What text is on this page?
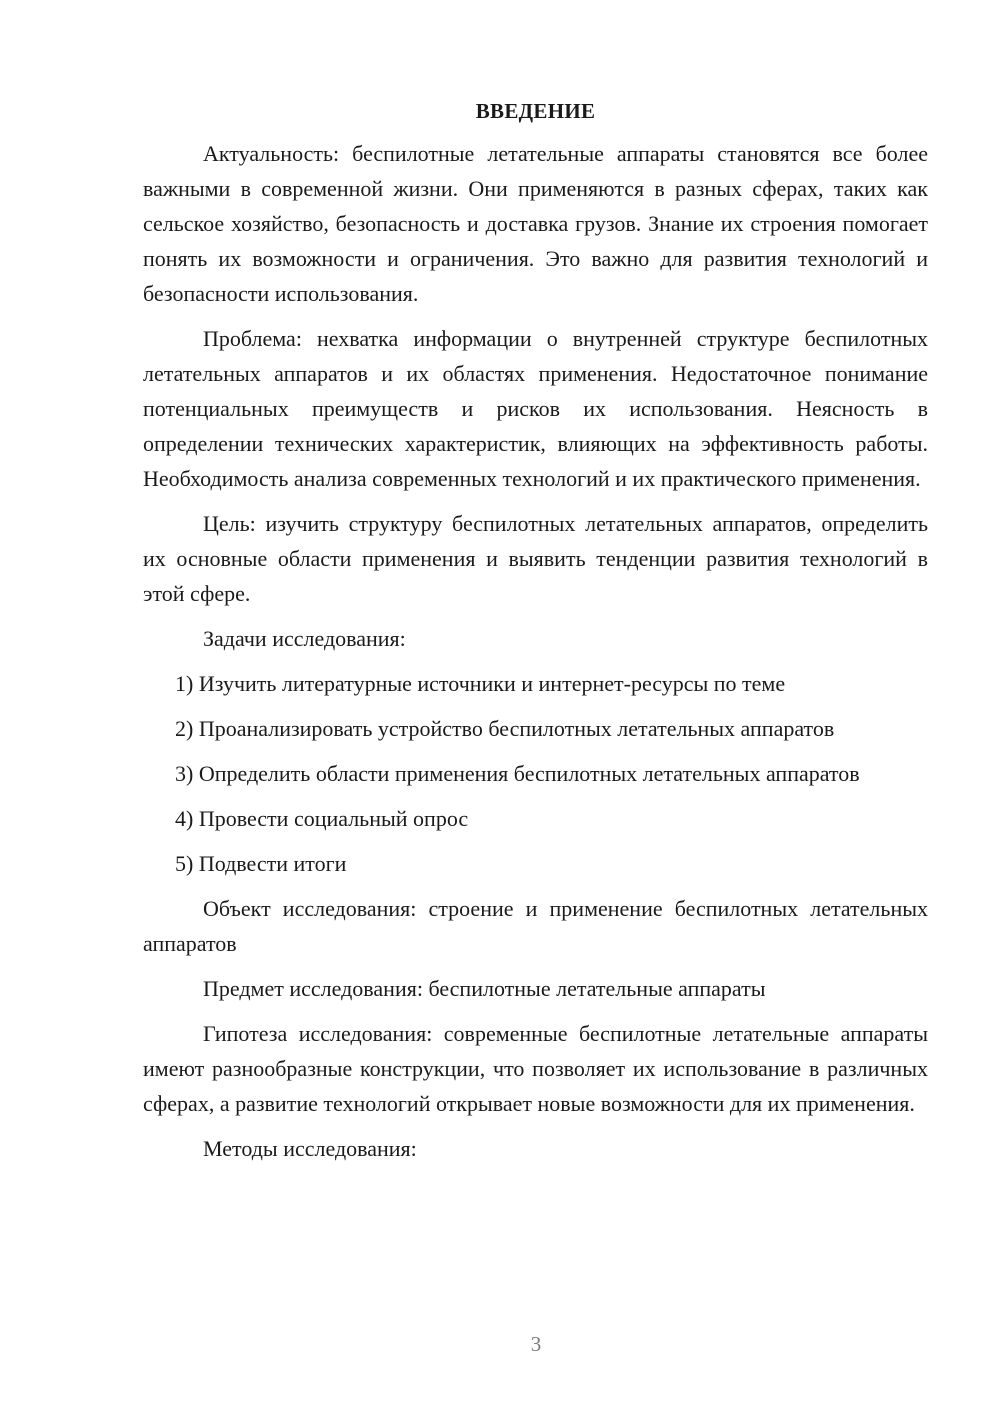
ВВЕДЕНИЕ

Актуальность: беспилотные летательные аппараты становятся все более важными в современной жизни. Они применяются в разных сферах, таких как сельское хозяйство, безопасность и доставка грузов. Знание их строения помогает понять их возможности и ограничения. Это важно для развития технологий и безопасности использования.

Проблема: нехватка информации о внутренней структуре беспилотных летательных аппаратов и их областях применения. Недостаточное понимание потенциальных преимуществ и рисков их использования. Неясность в определении технических характеристик, влияющих на эффективность работы. Необходимость анализа современных технологий и их практического применения.

Цель: изучить структуру беспилотных летательных аппаратов, определить их основные области применения и выявить тенденции развития технологий в этой сфере.

Задачи исследования:

1) Изучить литературные источники и интернет-ресурсы по теме

2) Проанализировать устройство беспилотных летательных аппаратов

3) Определить области применения беспилотных летательных аппаратов

4) Провести социальный опрос

5) Подвести итоги

Объект исследования: строение и применение беспилотных летательных аппаратов

Предмет исследования: беспилотные летательные аппараты

Гипотеза исследования: современные беспилотные летательные аппараты имеют разнообразные конструкции, что позволяет их использование в различных сферах, а развитие технологий открывает новые возможности для их применения.

Методы исследования:

3
